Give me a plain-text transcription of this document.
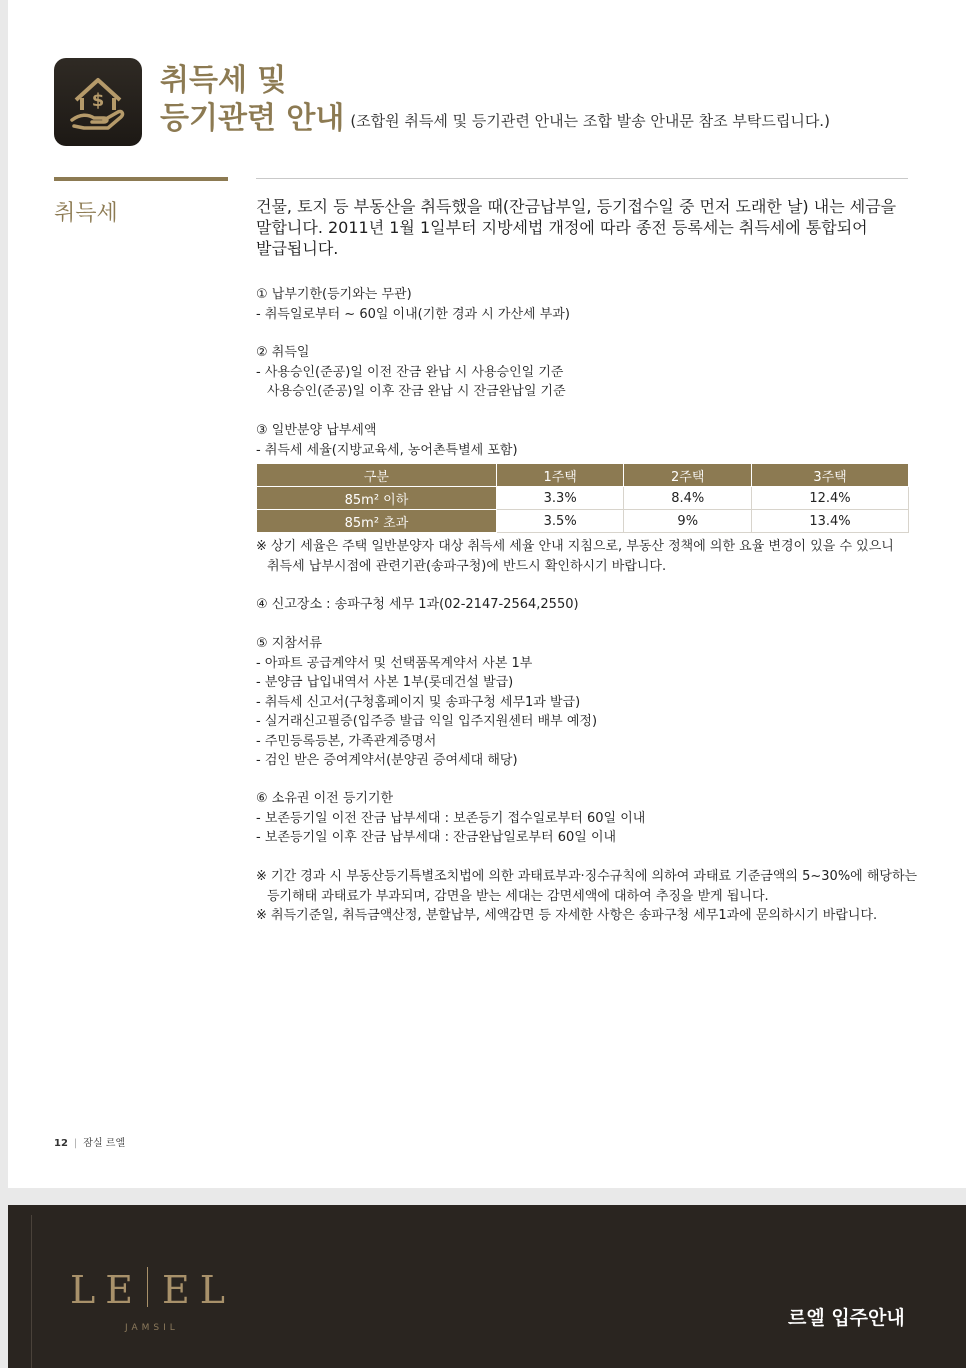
$
취득세 및
등기관련 안내 (조합원 취득세 및 등기관련 안내는 조합 발송 안내문 참조 부탁드립니다.)
취득세	건물, 토지 등 부동산을 취득했을 때(잔금납부일, 등기접수일 중 먼저 도래한 날) 내는 세금을
말합니다. 2011년 1월 1일부터 지방세법 개정에 따라 종전 등록세는 취득세에 통합되어
발급됩니다.
① 납부기한(등기와는 무관)
- 취득일로부터 ~ 60일 이내(기한 경과 시 가산세 부과)
② 취득일
- 사용승인(준공)일 이전 잔금 완납 시 사용승인일 기준
사용승인(준공)일 이후 잔금 완납 시 잔금완납일 기준
③ 일반분양 납부세액
- 취득세 세율(지방교육세, 농어촌특별세 포함)
구분	1주택	2주택	3주택
85m² 이하	3.3%	8.4%	12.4%
85m² 초과	3.5%	9%	13.4%
※ 상기 세율은 주택 일반분양자 대상 취득세 세율 안내 지침으로, 부동산 정책에 의한 요율 변경이 있을 수 있으니
취득세 납부시점에 관련기관(송파구청)에 반드시 확인하시기 바랍니다.
④ 신고장소 : 송파구청 세무 1과(02-2147-2564,2550)
⑤ 지참서류
- 아파트 공급계약서 및 선택품목계약서 사본 1부
- 분양금 납입내역서 사본 1부(롯데건설 발급)
- 취득세 신고서(구청홈페이지 및 송파구청 세무1과 발급)
- 실거래신고필증(입주증 발급 익일 입주지원센터 배부 예정)
- 주민등록등본, 가족관계증명서
- 검인 받은 증여계약서(분양권 증여세대 해당)
⑥ 소유권 이전 등기기한
- 보존등기일 이전 잔금 납부세대 : 보존등기 접수일로부터 60일 이내
- 보존등기일 이후 잔금 납부세대 : 잔금완납일로부터 60일 이내
※ 기간 경과 시 부동산등기특별조치법에 의한 과태료부과·징수규칙에 의하여 과태료 기준금액의 5~30%에 해당하는
등기해태 과태료가 부과되며, 감면을 받는 세대는 감면세액에 대하여 추징을 받게 됩니다.
※ 취득기준일, 취득금액산정, 분할납부, 세액감면 등 자세한 사항은 송파구청 세무1과에 문의하시기 바랍니다.
12 | 잠실 르엘
LE EL
JAMSIL	르엘 입주안내
